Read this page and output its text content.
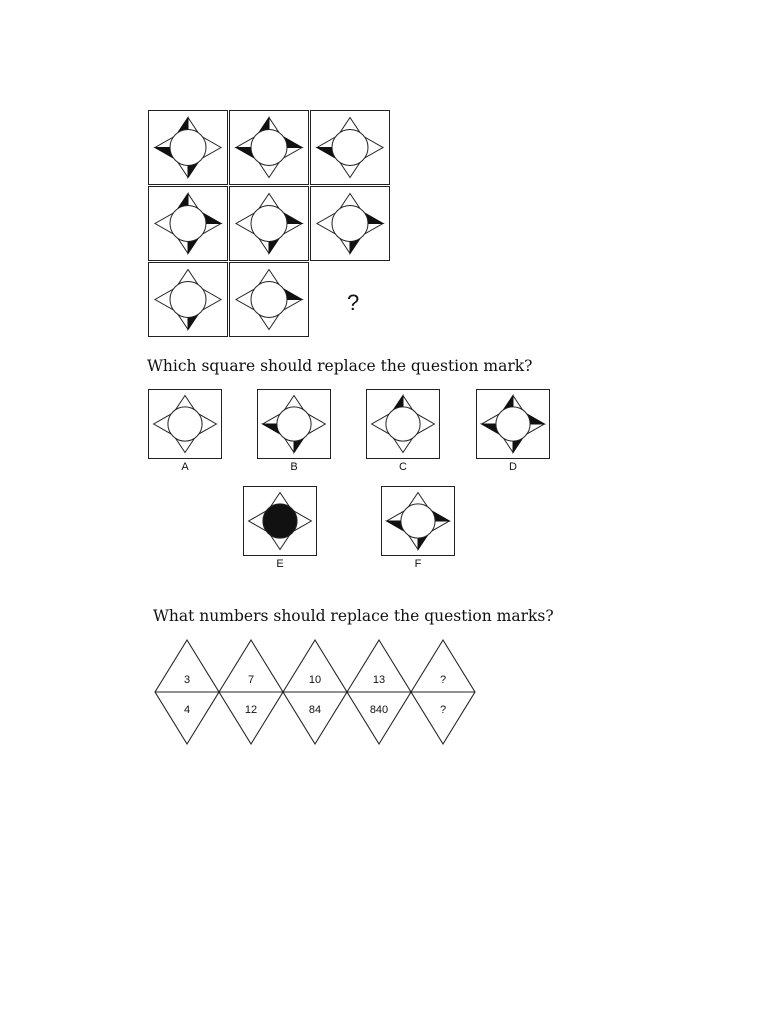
?
Which square should replace the question mark?
A	B	C	D
E	F
What numbers should replace the question marks?
3	7	10	13	?
4	12	84	840	?
